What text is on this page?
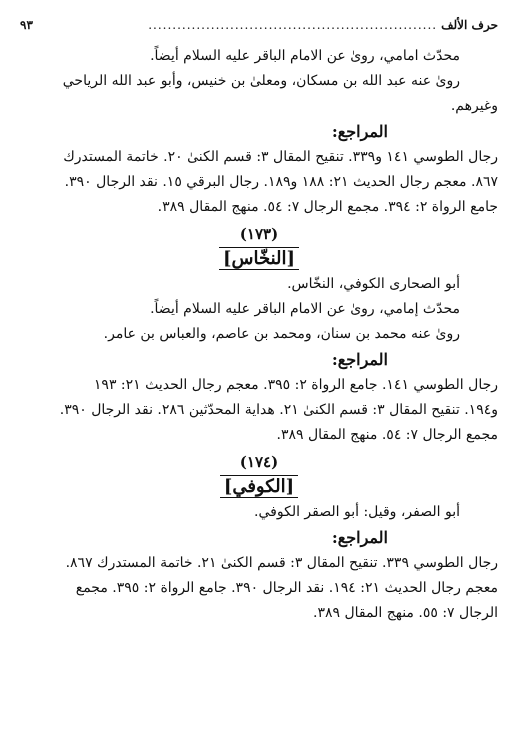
حرف الألف
............................................................
٩٣

محدّث امامي، رویٰ عن الامام الباقر عليه السلام أيضاً.

رویٰ عنه عبد الله بن مسكان، ومعلىٰ بن خنيس، وأبو عبد الله الرياحي

وغيرهم.

المراجع:

رجال الطوسي ١٤١ و٣٣٩. تنقيح المقال ٣: قسم الكنىٰ ٢٠. خاتمة المستدرك

٨٦٧. معجم رجال الحديث ٢١: ١٨٨ و١٨٩. رجال البرقي ١٥. نقد الرجال ٣٩٠.

جامع الرواة ٢: ٣٩٤. مجمع الرجال ٧: ٥٤. منهج المقال ٣٨٩.

(١٧٣)
[النخّاس]

أبو الصحاری الكوفي، النخّاس.

محدّث إمامي، رویٰ عن الامام الباقر عليه السلام أيضاً.

رویٰ عنه محمد بن سنان، ومحمد بن عاصم، والعباس بن عامر.

المراجع:

رجال الطوسي ١٤١. جامع الرواة ٢: ٣٩٥. معجم رجال الحديث ٢١: ١٩٣

و١٩٤. تنقيح المقال ٣: قسم الكنىٰ ٢١. هداية المحدّثين ٢٨٦. نقد الرجال ٣٩٠.

مجمع الرجال ٧: ٥٤. منهج المقال ٣٨٩.

(١٧٤)
[الكوفي]

أبو الصفر، وقيل: أبو الصقر الكوفي.

المراجع:

رجال الطوسي ٣٣٩. تنقيح المقال ٣: قسم الكنىٰ ٢١. خاتمة المستدرك ٨٦٧.

معجم رجال الحديث ٢١: ١٩٤. نقد الرجال ٣٩٠. جامع الرواة ٢: ٣٩٥. مجمع

الرجال ٧: ٥٥. منهج المقال ٣٨٩.
